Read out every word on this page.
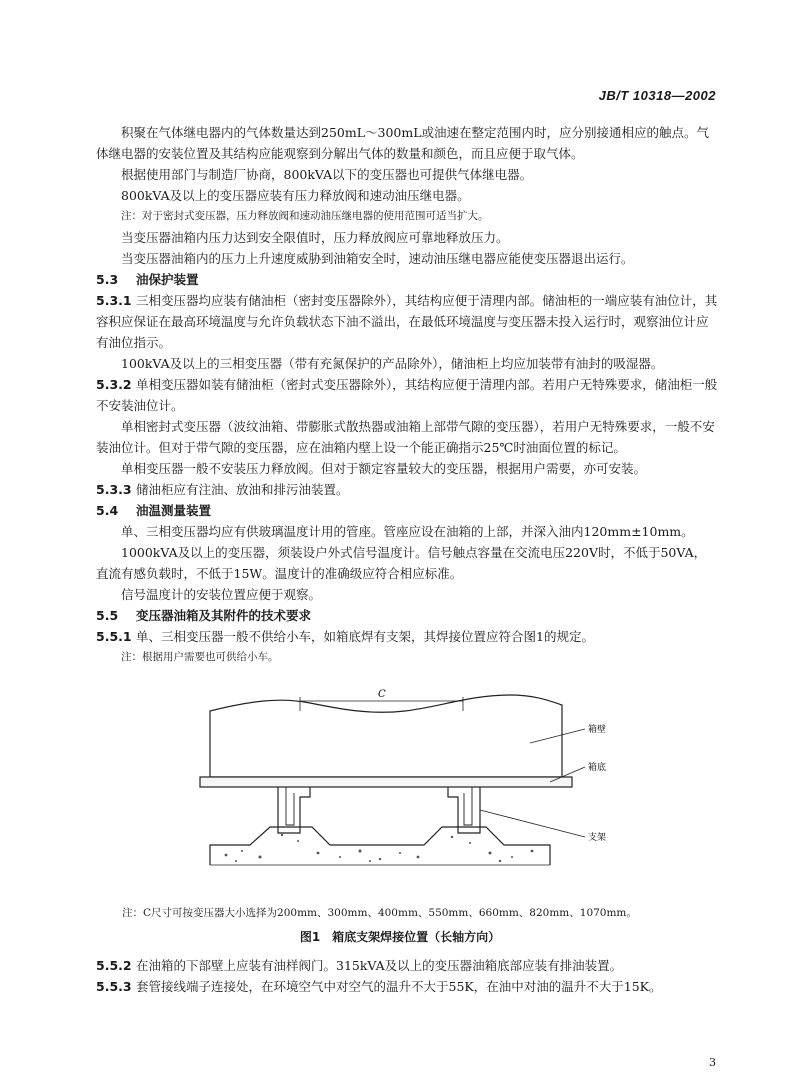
JB/T 10318—2002

积聚在气体继电器内的气体数量达到250mL～300mL或油速在整定范围内时，应分别接通相应的触点。气体继电器的安装位置及其结构应能观察到分解出气体的数量和颜色，而且应便于取气体。

根据使用部门与制造厂协商，800kVA以下的变压器也可提供气体继电器。

800kVA及以上的变压器应装有压力释放阀和速动油压继电器。

注：对于密封式变压器，压力释放阀和速动油压继电器的使用范围可适当扩大。

当变压器油箱内压力达到安全限值时，压力释放阀应可靠地释放压力。

当变压器油箱内的压力上升速度威胁到油箱安全时，速动油压继电器应能使变压器退出运行。

5.3 油保护装置

5.3.1 三相变压器均应装有储油柜（密封变压器除外），其结构应便于清理内部。储油柜的一端应装有油位计，其容积应保证在最高环境温度与允许负载状态下油不溢出，在最低环境温度与变压器未投入运行时，观察油位计应有油位指示。

100kVA及以上的三相变压器（带有充氮保护的产品除外），储油柜上均应加装带有油封的吸湿器。

5.3.2 单相变压器如装有储油柜（密封式变压器除外），其结构应便于清理内部。若用户无特殊要求，储油柜一般不安装油位计。

单相密封式变压器（波纹油箱、带膨胀式散热器或油箱上部带气隙的变压器），若用户无特殊要求，一般不安装油位计。但对于带气隙的变压器，应在油箱内壁上设一个能正确指示25℃时油面位置的标记。

单相变压器一般不安装压力释放阀。但对于额定容量较大的变压器，根据用户需要，亦可安装。

5.3.3 储油柜应有注油、放油和排污油装置。

5.4 油温测量装置

单、三相变压器均应有供玻璃温度计用的管座。管座应设在油箱的上部，并深入油内120mm±10mm。

1000kVA及以上的变压器，须装设户外式信号温度计。信号触点容量在交流电压220V时，不低于50VA，直流有感负载时，不低于15W。温度计的准确级应符合相应标准。

信号温度计的安装位置应便于观察。

5.5 变压器油箱及其附件的技术要求

5.5.1 单、三相变压器一般不供给小车，如箱底焊有支架，其焊接位置应符合图1的规定。

注：根据用户需要也可供给小车。

C
箱壁
箱底
支架
注：C尺寸可按变压器大小选择为200mm、300mm、400mm、550mm、660mm、820mm、1070mm。
图1　箱底支架焊接位置（长轴方向）

5.5.2 在油箱的下部壁上应装有油样阀门。315kVA及以上的变压器油箱底部应装有排油装置。

5.5.3 套管接线端子连接处，在环境空气中对空气的温升不大于55K，在油中对油的温升不大于15K。

3
